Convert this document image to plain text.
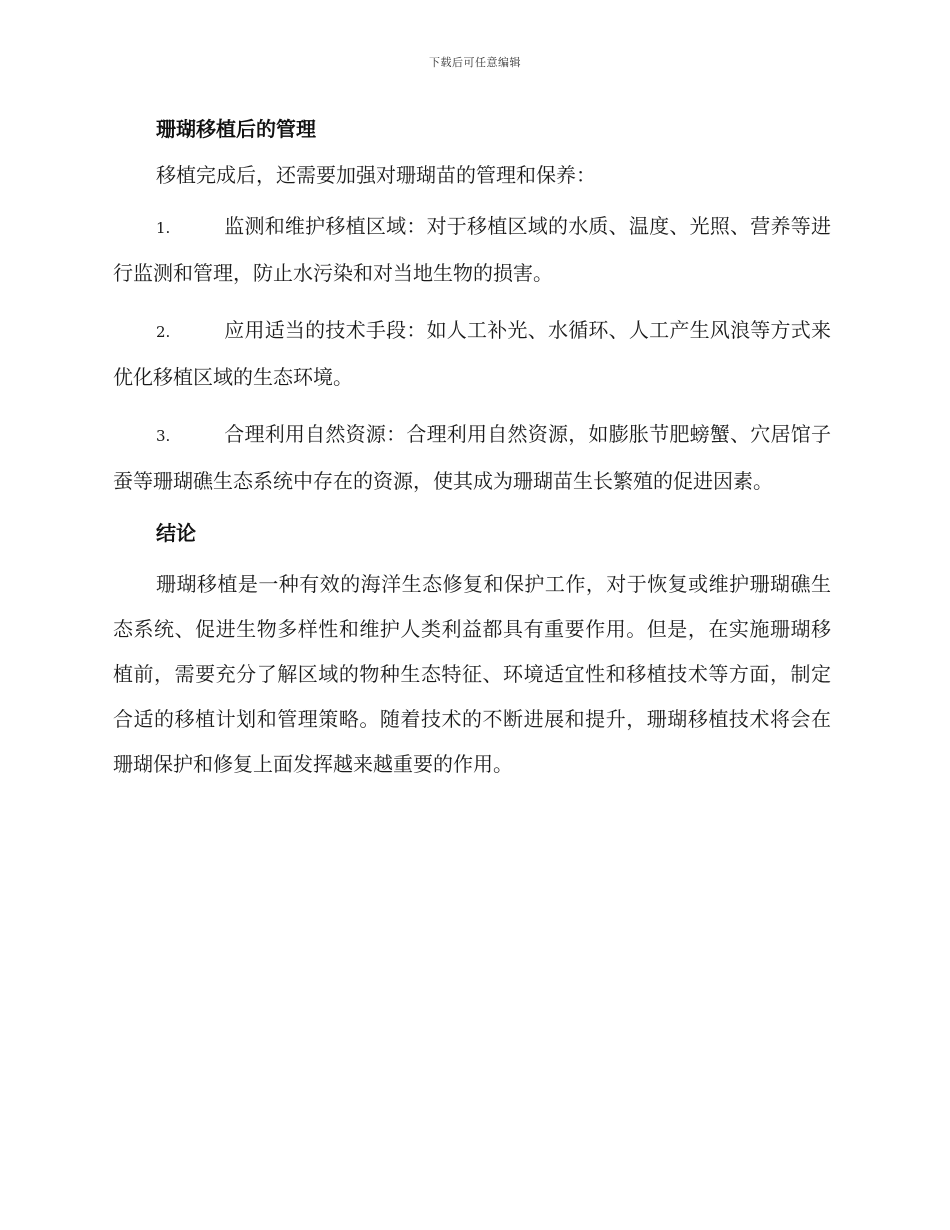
下载后可任意编辑
珊瑚移植后的管理
移植完成后，还需要加强对珊瑚苗的管理和保养：
1.	监测和维护移植区域：对于移植区域的水质、温度、光照、营养等进行监测和管理，防止水污染和对当地生物的损害。
2.	应用适当的技术手段：如人工补光、水循环、人工产生风浪等方式来优化移植区域的生态环境。
3.	合理利用自然资源：合理利用自然资源，如膨胀节肥螃蟹、穴居馆子蚕等珊瑚礁生态系统中存在的资源，使其成为珊瑚苗生长繁殖的促进因素。
结论
珊瑚移植是一种有效的海洋生态修复和保护工作，对于恢复或维护珊瑚礁生态系统、促进生物多样性和维护人类利益都具有重要作用。但是，在实施珊瑚移植前，需要充分了解区域的物种生态特征、环境适宜性和移植技术等方面，制定合适的移植计划和管理策略。随着技术的不断进展和提升，珊瑚移植技术将会在珊瑚保护和修复上面发挥越来越重要的作用。
